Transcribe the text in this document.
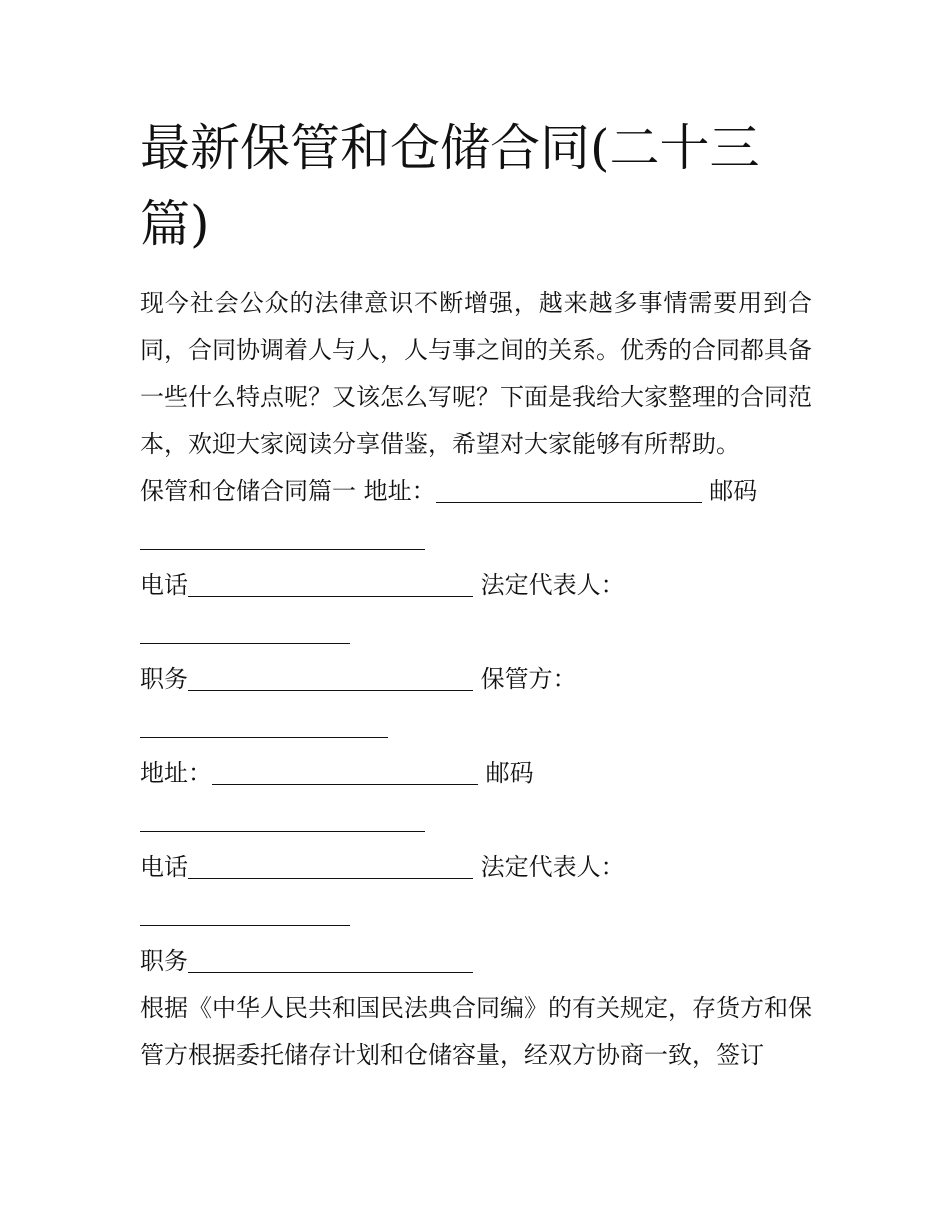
最新保管和仓储合同(二十三篇)

现今社会公众的法律意识不断增强，越来越多事情需要用到合同，合同协调着人与人，人与事之间的关系。优秀的合同都具备一些什么特点呢？又该怎么写呢？下面是我给大家整理的合同范本，欢迎大家阅读分享借鉴，希望对大家能够有所帮助。

保管和仓储合同篇一 地址：	邮码
电话	法定代表人：
职务	保管方：
地址：	邮码
电话	法定代表人：
职务

根据《中华人民共和国民法典合同编》的有关规定，存货方和保管方根据委托储存计划和仓储容量，经双方协商一致，签订
